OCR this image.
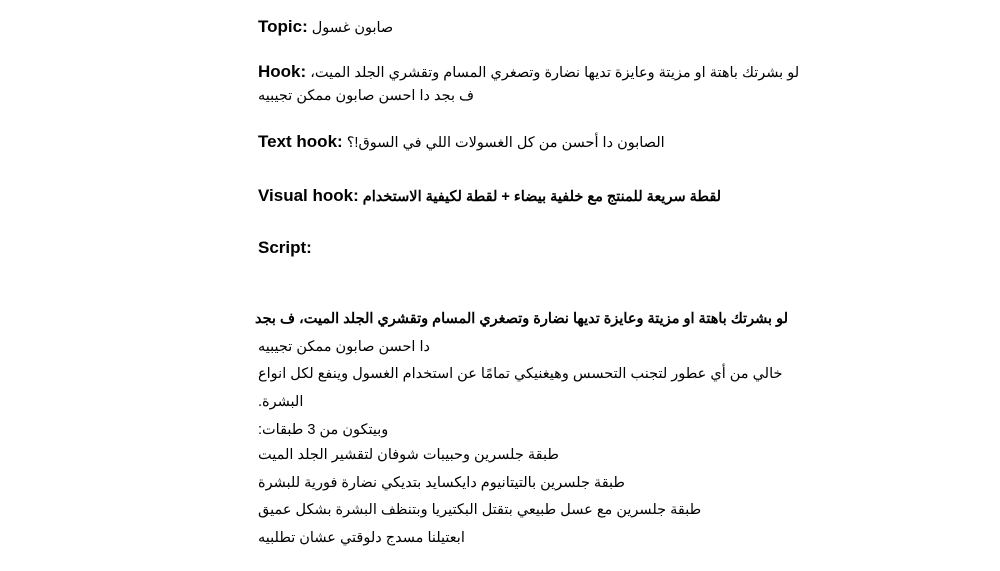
Topic: صابون غسول
Hook: لو بشرتك باهتة او مزيتة وعايزة تديها نضارة وتصغري المسام وتقشري الجلد الميت،
ف بجد دا احسن صابون ممكن تجيبيه
Text hook: الصابون دا أحسن من كل الغسولات اللي في السوق!؟
Visual hook: لقطة سريعة للمنتج مع خلفية بيضاء + لقطة لكيفية الاستخدام
Script:
لو بشرتك باهتة او مزيتة وعايزة تديها نضارة وتصغري المسام وتقشري الجلد الميت، ف بجد
دا احسن صابون ممكن تجيبيه
خالي من أي عطور لتجنب التحسس وهيغنيكي تمامًا عن استخدام الغسول وينفع لكل انواع
البشرة.
وبيتكون من 3 طبقات:
طبقة جلسرين وحبيبات شوفان لتقشير الجلد الميت
طبقة جلسرين بالتيتانيوم دايكسايد بتديكي نضارة فورية للبشرة
طبقة جلسرين مع عسل طبيعي بتقتل البكتيريا وبتنظف البشرة بشكل عميق
ابعتيلنا مسدج دلوقتي عشان تطلبيه
